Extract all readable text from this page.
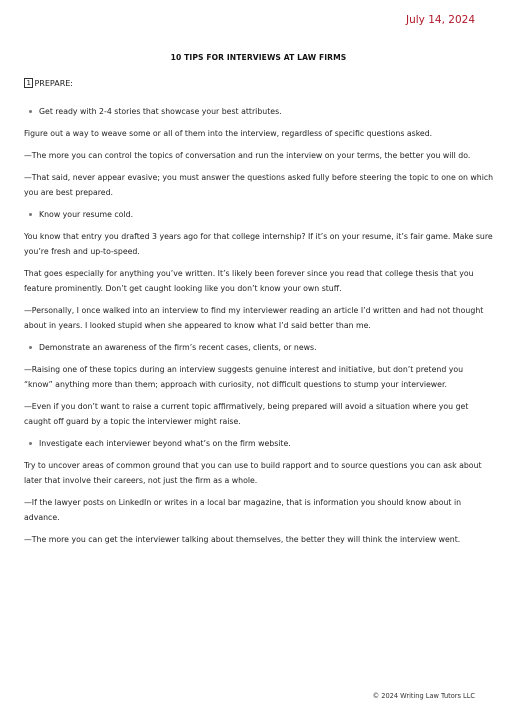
July 14, 2024
10 TIPS FOR INTERVIEWS AT LAW FIRMS
1 PREPARE:
Get ready with 2-4 stories that showcase your best attributes.

Figure out a way to weave some or all of them into the interview, regardless of specific questions asked.

—The more you can control the topics of conversation and run the interview on your terms, the better you will do.

—That said, never appear evasive; you must answer the questions asked fully before steering the topic to one on which you are best prepared.

Know your resume cold.

You know that entry you drafted 3 years ago for that college internship? If it’s on your resume, it’s fair game. Make sure you’re fresh and up-to-speed.

That goes especially for anything you’ve written. It’s likely been forever since you read that college thesis that you feature prominently. Don’t get caught looking like you don’t know your own stuff.

—Personally, I once walked into an interview to find my interviewer reading an article I’d written and had not thought about in years. I looked stupid when she appeared to know what I’d said better than me.

Demonstrate an awareness of the firm’s recent cases, clients, or news.

—Raising one of these topics during an interview suggests genuine interest and initiative, but don’t pretend you “know” anything more than them; approach with curiosity, not difficult questions to stump your interviewer.

—Even if you don’t want to raise a current topic affirmatively, being prepared will avoid a situation where you get caught off guard by a topic the interviewer might raise.

Investigate each interviewer beyond what’s on the firm website.

Try to uncover areas of common ground that you can use to build rapport and to source questions you can ask about later that involve their careers, not just the firm as a whole.

—If the lawyer posts on LinkedIn or writes in a local bar magazine, that is information you should know about in advance.

—The more you can get the interviewer talking about themselves, the better they will think the interview went.

© 2024 Writing Law Tutors LLC
